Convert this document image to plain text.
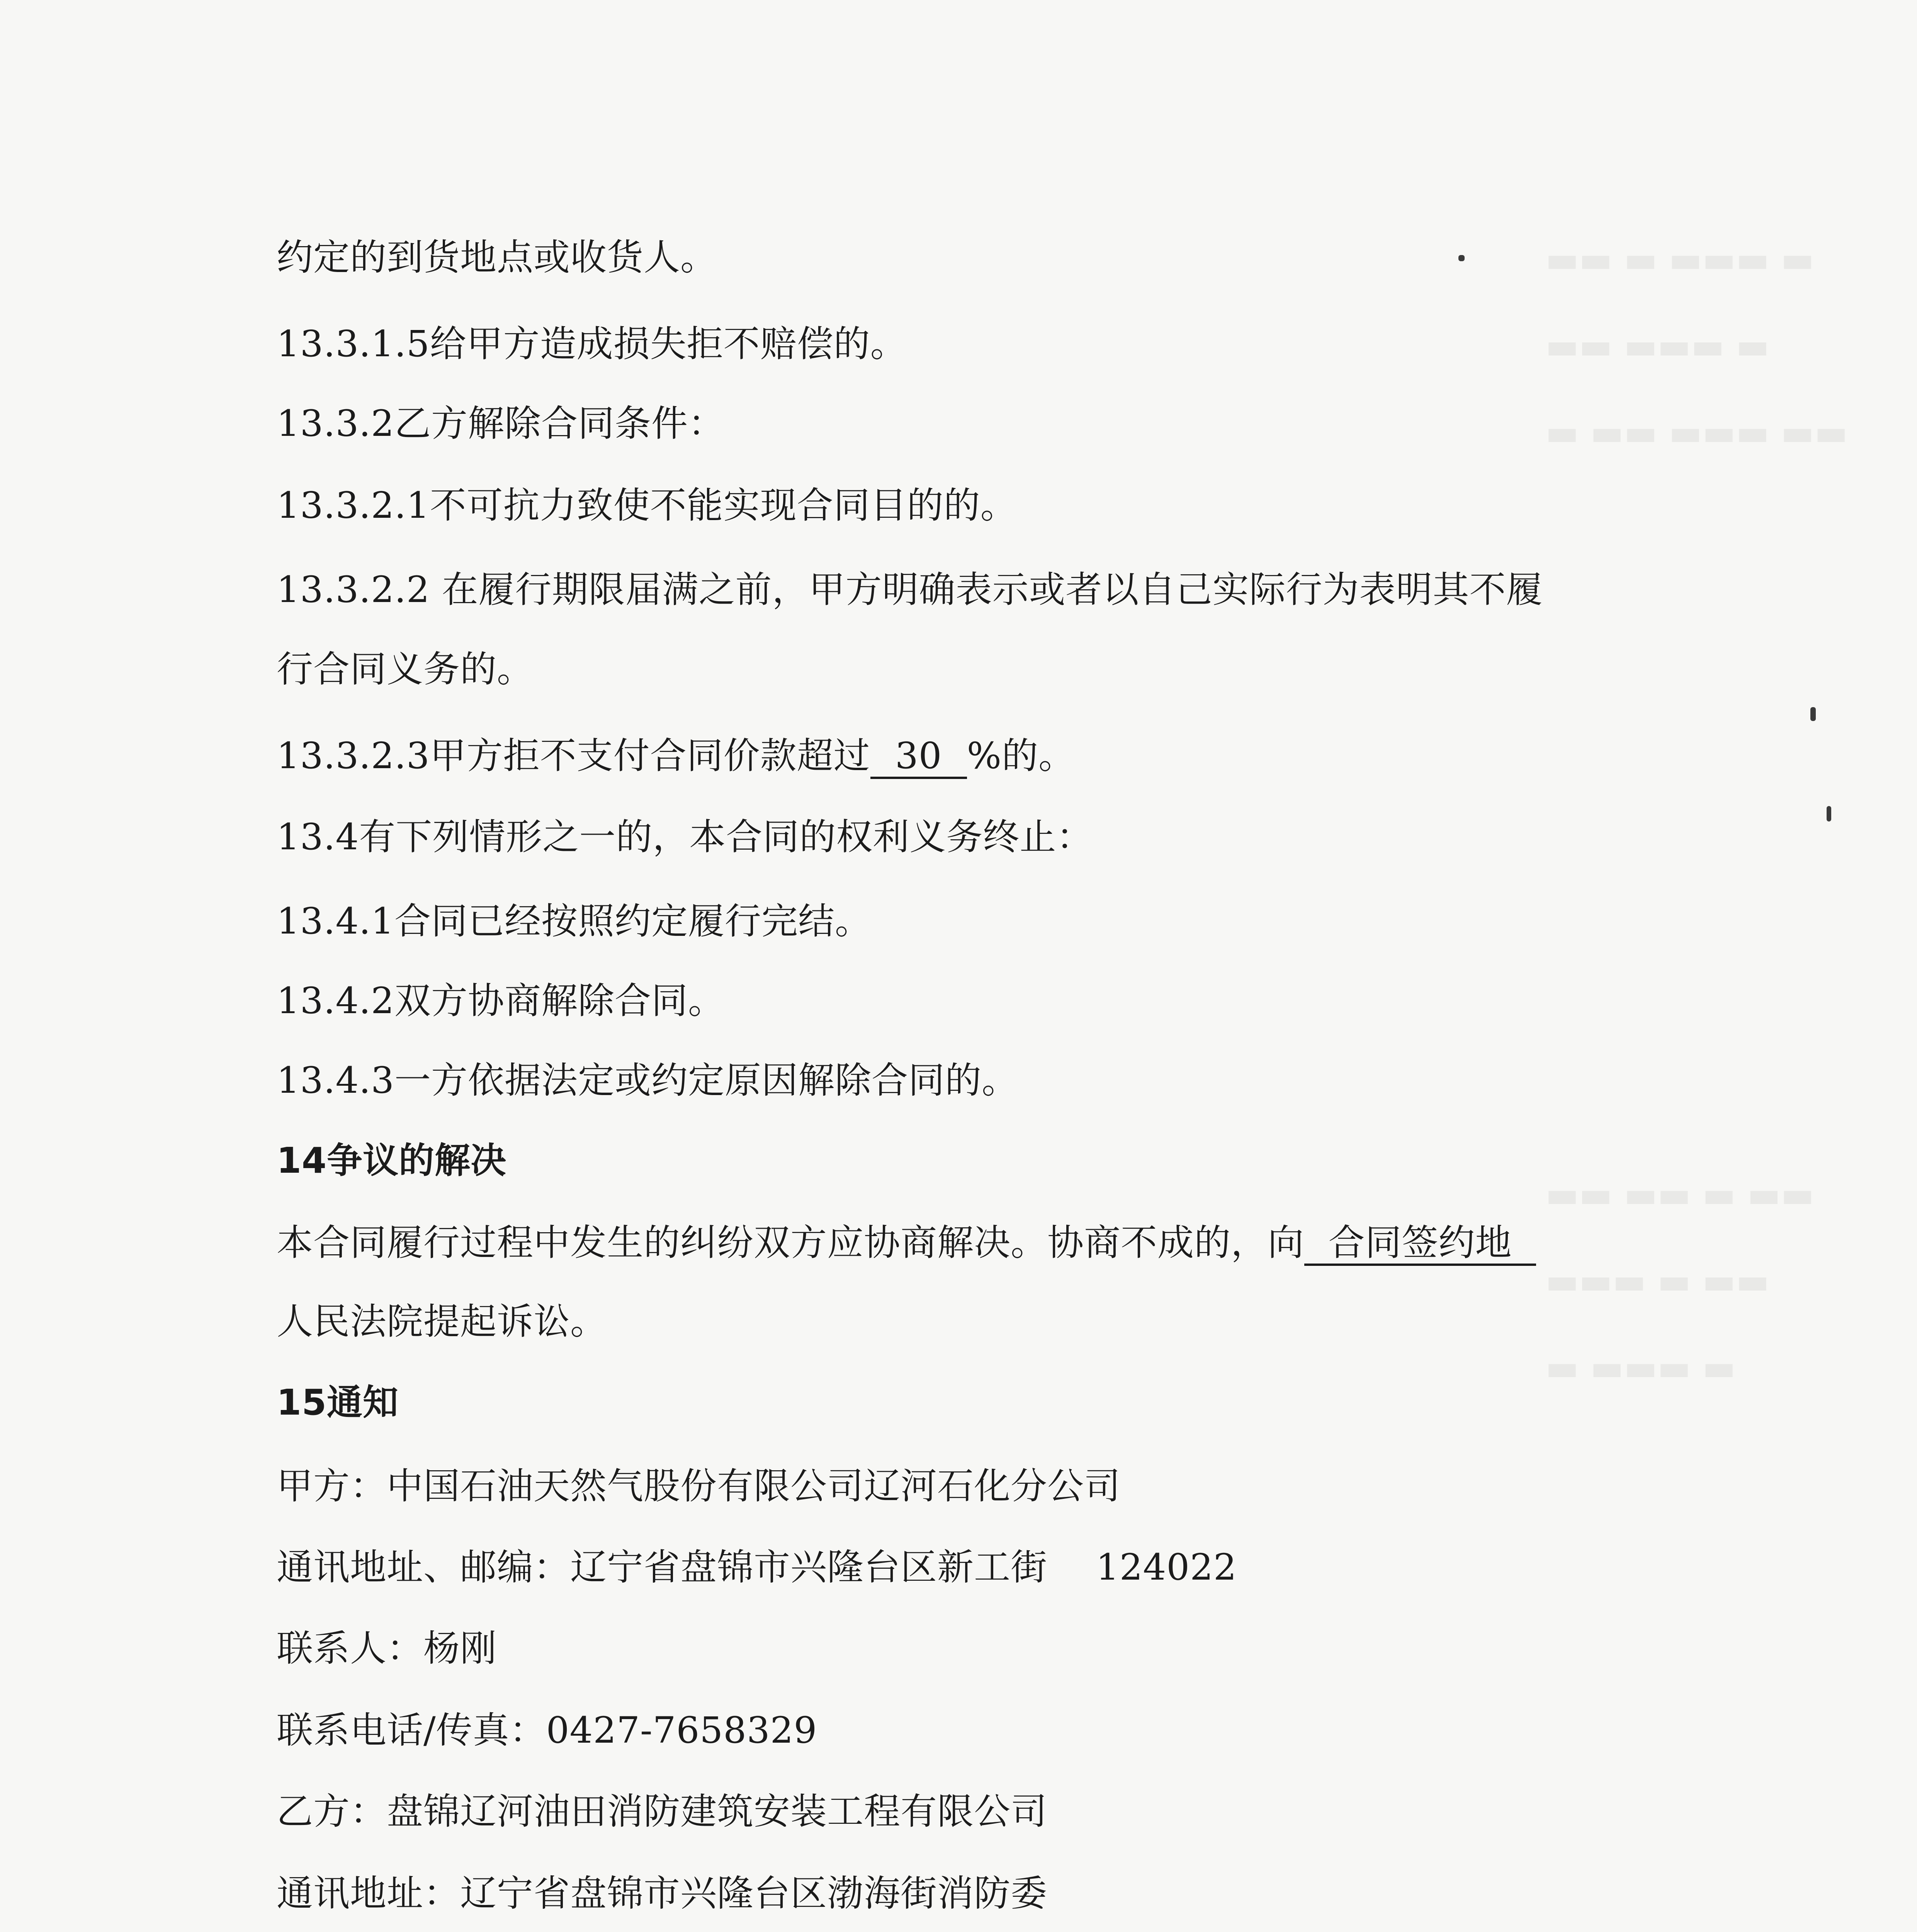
▬▬ ▬ ▬▬▬ ▬
▬▬ ▬▬▬ ▬
▬ ▬▬ ▬▬▬ ▬▬

▬▬ ▬▬ ▬ ▬▬
▬▬▬ ▬ ▬▬
▬ ▬▬▬ ▬

约定的到货地点或收货人。
13.3.1.5给甲方造成损失拒不赔偿的。
13.3.2乙方解除合同条件：
13.3.2.1不可抗力致使不能实现合同目的的。
13.3.2.2 在履行期限届满之前，甲方明确表示或者以自己实际行为表明其不履
行合同义务的。
13.3.2.3甲方拒不支付合同价款超过 30 %的。
13.4有下列情形之一的，本合同的权利义务终止：
13.4.1合同已经按照约定履行完结。
13.4.2双方协商解除合同。
13.4.3一方依据法定或约定原因解除合同的。
14争议的解决
本合同履行过程中发生的纠纷双方应协商解决。协商不成的，向 合同签约地
人民法院提起诉讼。
15通知
甲方：中国石油天然气股份有限公司辽河石化分公司
通讯地址、邮编：辽宁省盘锦市兴隆台区新工街　 124022
联系人：杨刚
联系电话/传真：0427-7658329
乙方：盘锦辽河油田消防建筑安装工程有限公司
通讯地址：辽宁省盘锦市兴隆台区渤海街消防委
